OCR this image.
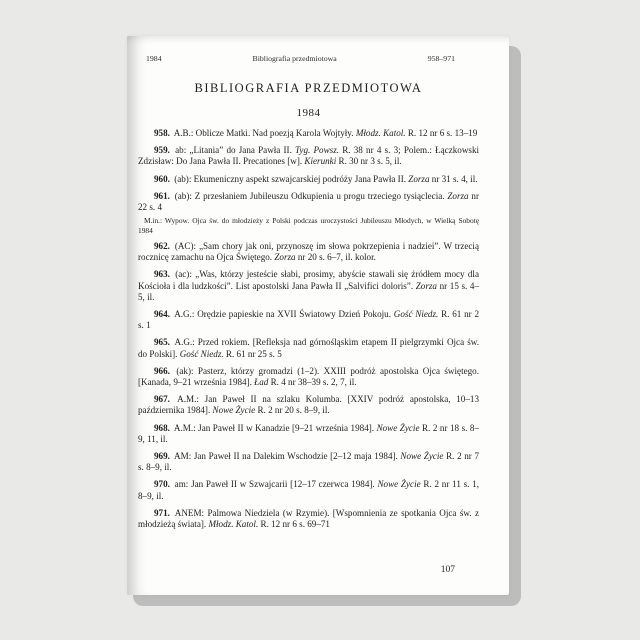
1984	Bibliografia przedmiotowa	958–971
BIBLIOGRAFIA PRZEDMIOTOWA
1984

958. A.B.: Oblicze Matki. Nad poezją Karola Wojtyły. Młodz. Katol. R. 12 nr 6 s. 13–19

959. ab: „Litania” do Jana Pawła II. Tyg. Powsz. R. 38 nr 4 s. 3; Polem.: Łączkowski Zdzisław: Do Jana Pawła II. Precationes [w]. Kierunki R. 30 nr 3 s. 5, il.

960. (ab): Ekumeniczny aspekt szwajcarskiej podróży Jana Pawła II. Zorza nr 31 s. 4, il.

961. (ab): Z przesłaniem Jubileuszu Odkupienia u progu trzeciego tysiąclecia. Zorza nr 22 s. 4

M.in.: Wypow. Ojca św. do młodzieży z Polski podczas uroczystości Jubileuszu Młodych, w Wielką Sobotę 1984

962. (AC): „Sam chory jak oni, przynoszę im słowa pokrzepienia i nadziei”. W trzecią rocznicę zamachu na Ojca Świętego. Zorza nr 20 s. 6–7, il. kolor.

963. (ac): „Was, którzy jesteście słabi, prosimy, abyście stawali się źródłem mocy dla Kościoła i dla ludzkości”. List apostolski Jana Pawła II „Salvifici doloris”. Zorza nr 15 s. 4–5, il.

964. A.G.: Orędzie papieskie na XVII Światowy Dzień Pokoju. Gość Niedz. R. 61 nr 2 s. 1

965. A.G.: Przed rokiem. [Refleksja nad górnośląskim etapem II pielgrzymki Ojca św. do Polski]. Gość Niedz. R. 61 nr 25 s. 5

966. (ak): Pasterz, którzy gromadzi (1–2). XXIII podróż apostolska Ojca świętego. [Kanada, 9–21 września 1984]. Ład R. 4 nr 38–39 s. 2, 7, il.

967. A.M.: Jan Paweł II na szlaku Kolumba. [XXIV podróż apostolska, 10–13 października 1984]. Nowe Życie R. 2 nr 20 s. 8–9, il.

968. A.M.: Jan Paweł II w Kanadzie [9–21 września 1984]. Nowe Życie R. 2 nr 18 s. 8–9, 11, il.

969. AM: Jan Paweł II na Dalekim Wschodzie [2–12 maja 1984]. Nowe Życie R. 2 nr 7 s. 8–9, il.

970. am: Jan Paweł II w Szwajcarii [12–17 czerwca 1984]. Nowe Życie R. 2 nr 11 s. 1, 8–9, il.

971. ANEM: Palmowa Niedziela (w Rzymie). [Wspomnienia ze spotkania Ojca św. z młodzieżą świata]. Młodz. Katol. R. 12 nr 6 s. 69–71

107
